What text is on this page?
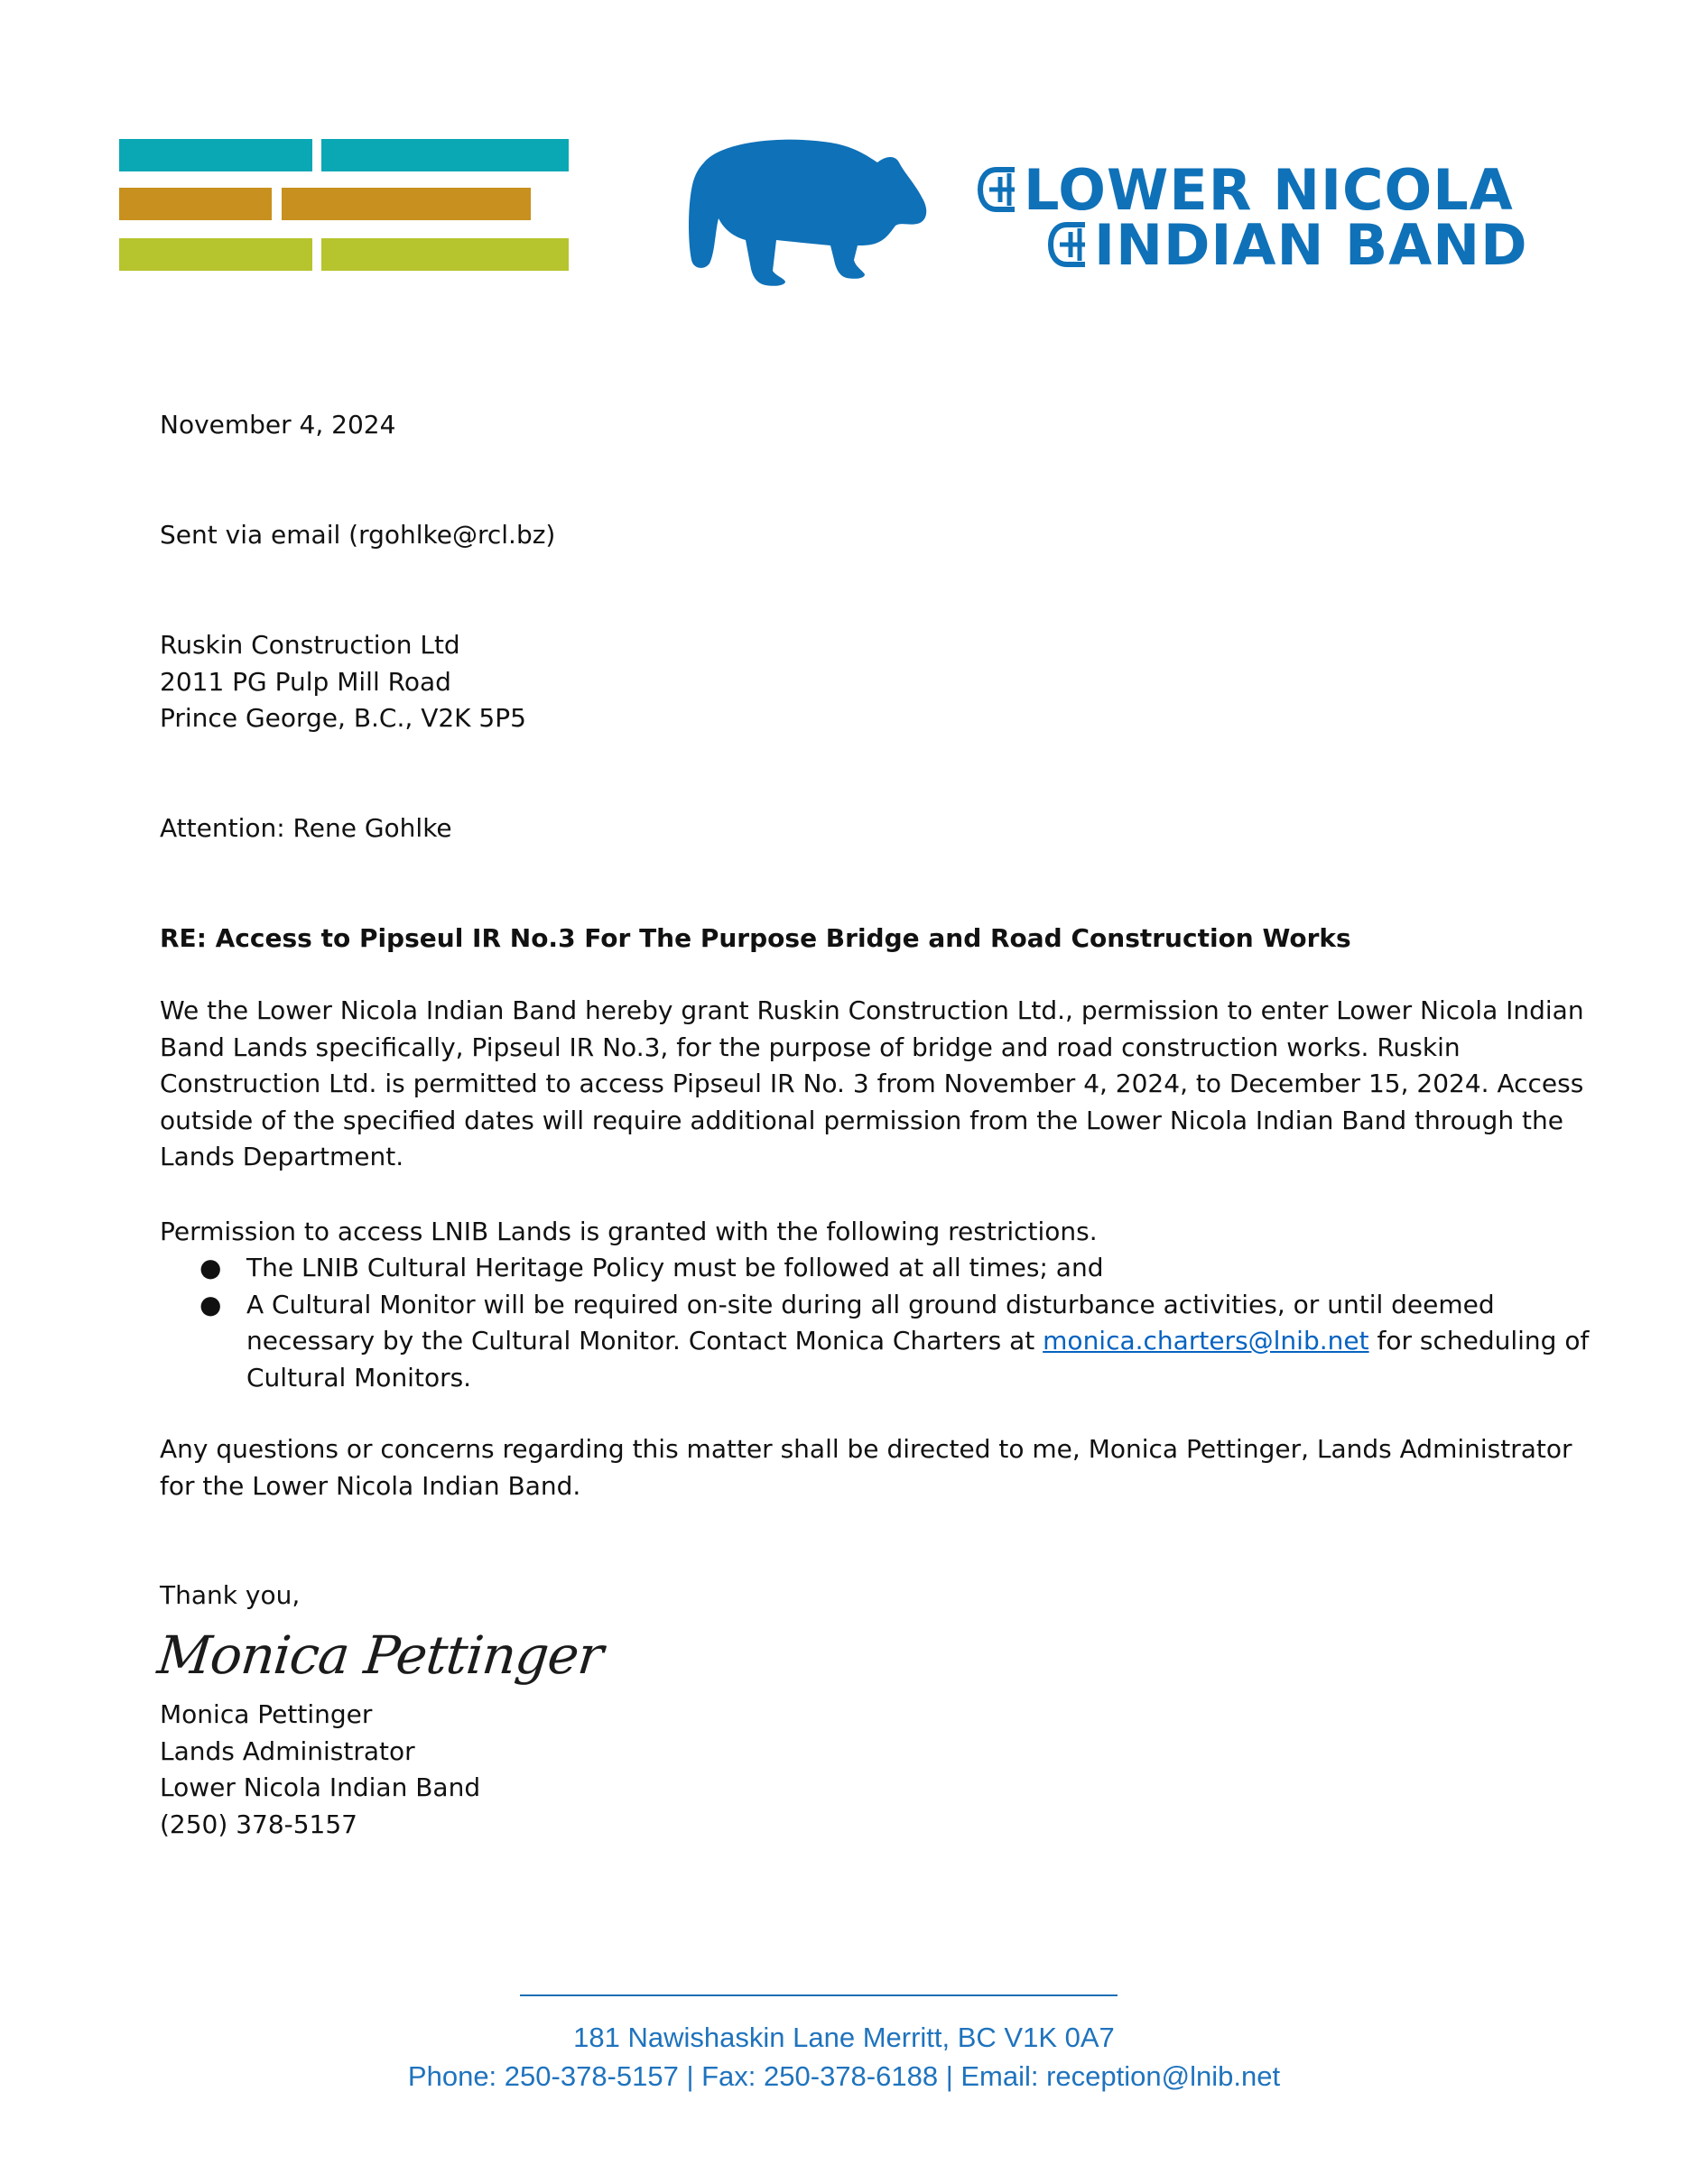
LOWER NICOLA
INDIAN BAND
November 4, 2024
Sent via email (rgohlke@rcl.bz)
Ruskin Construction Ltd
2011 PG Pulp Mill Road
Prince George, B.C., V2K 5P5
Attention: Rene Gohlke
RE: Access to Pipseul IR No.3 For The Purpose Bridge and Road Construction Works
We the Lower Nicola Indian Band hereby grant Ruskin Construction Ltd., permission to enter Lower Nicola Indian Band Lands specifically, Pipseul IR No.3, for the purpose of bridge and road construction works. Ruskin Construction Ltd. is permitted to access Pipseul IR No. 3 from November 4, 2024, to December 15, 2024. Access outside of the specified dates will require additional permission from the Lower Nicola Indian Band through the Lands Department.
Permission to access LNIB Lands is granted with the following restrictions.
● The LNIB Cultural Heritage Policy must be followed at all times; and
● A Cultural Monitor will be required on-site during all ground disturbance activities, or until deemed necessary by the Cultural Monitor. Contact Monica Charters at monica.charters@lnib.net for scheduling of Cultural Monitors.
Any questions or concerns regarding this matter shall be directed to me, Monica Pettinger, Lands Administrator for the Lower Nicola Indian Band.
Thank you,
Monica Pettinger
Monica Pettinger
Lands Administrator
Lower Nicola Indian Band
(250) 378-5157
181 Nawishaskin Lane Merritt, BC V1K 0A7
Phone: 250-378-5157 | Fax: 250-378-6188 | Email: reception@lnib.net
